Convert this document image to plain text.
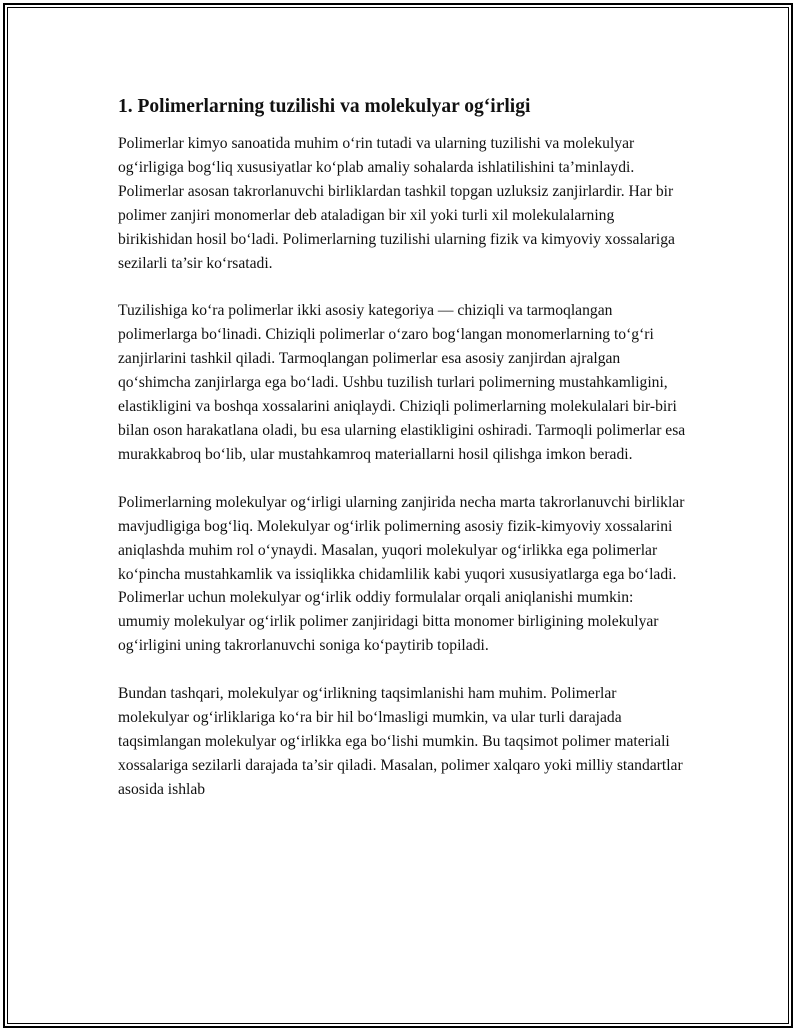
1. Polimerlarning tuzilishi va molekulyar og‘irligi

Polimerlar kimyo sanoatida muhim o‘rin tutadi va ularning tuzilishi va molekulyar og‘irligiga bog‘liq xususiyatlar ko‘plab amaliy sohalarda ishlatilishini ta’minlaydi. Polimerlar asosan takrorlanuvchi birliklardan tashkil topgan uzluksiz zanjirlardir. Har bir polimer zanjiri monomerlar deb ataladigan bir xil yoki turli xil molekulalarning birikishidan hosil bo‘ladi. Polimerlarning tuzilishi ularning fizik va kimyoviy xossalariga sezilarli ta’sir ko‘rsatadi.

Tuzilishiga ko‘ra polimerlar ikki asosiy kategoriya — chiziqli va tarmoqlangan polimerlarga bo‘linadi. Chiziqli polimerlar o‘zaro bog‘langan monomerlarning to‘g‘ri zanjirlarini tashkil qiladi. Tarmoqlangan polimerlar esa asosiy zanjirdan ajralgan qo‘shimcha zanjirlarga ega bo‘ladi. Ushbu tuzilish turlari polimerning mustahkamligini, elastikligini va boshqa xossalarini aniqlaydi. Chiziqli polimerlarning molekulalari bir-biri bilan oson harakatlana oladi, bu esa ularning elastikligini oshiradi. Tarmoqli polimerlar esa murakkabroq bo‘lib, ular mustahkamroq materiallarni hosil qilishga imkon beradi.

Polimerlarning molekulyar og‘irligi ularning zanjirida necha marta takrorlanuvchi birliklar mavjudligiga bog‘liq. Molekulyar og‘irlik polimerning asosiy fizik-kimyoviy xossalarini aniqlashda muhim rol o‘ynaydi. Masalan, yuqori molekulyar og‘irlikka ega polimerlar ko‘pincha mustahkamlik va issiqlikka chidamlilik kabi yuqori xususiyatlarga ega bo‘ladi. Polimerlar uchun molekulyar og‘irlik oddiy formulalar orqali aniqlanishi mumkin: umumiy molekulyar og‘irlik polimer zanjiridagi bitta monomer birligining molekulyar og‘irligini uning takrorlanuvchi soniga ko‘paytirib topiladi.

Bundan tashqari, molekulyar og‘irlikning taqsimlanishi ham muhim. Polimerlar molekulyar og‘irliklariga ko‘ra bir hil bo‘lmasligi mumkin, va ular turli darajada taqsimlangan molekulyar og‘irlikka ega bo‘lishi mumkin. Bu taqsimot polimer materiali xossalariga sezilarli darajada ta’sir qiladi. Masalan, polimer xalqaro yoki milliy standartlar asosida ishlab
